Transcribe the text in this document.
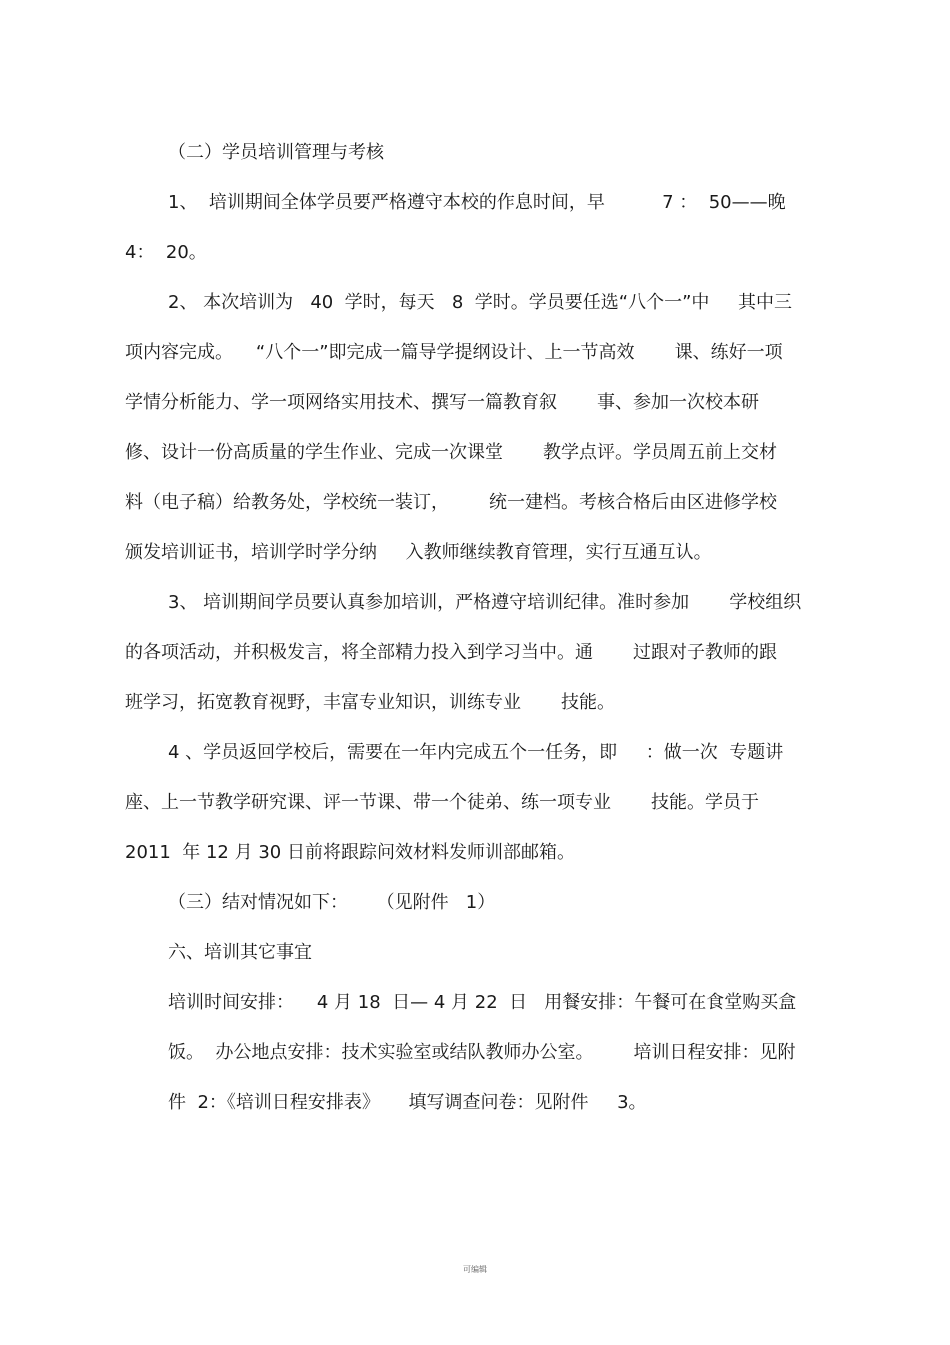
（二）学员培训管理与考核
1、  培训期间全体学员要严格遵守本校的作息时间，早          7 ：  50——晚
4：  20。
2、 本次培训为   40  学时，每天   8  学时。学员要任选“八个一”中     其中三
项内容完成。    “八个一”即完成一篇导学提纲设计、上一节高效       课、练好一项
学情分析能力、学一项网络实用技术、撰写一篇教育叙       事、参加一次校本研
修、设计一份高质量的学生作业、完成一次课堂       教学点评。学员周五前上交材
料（电子稿）给教务处，学校统一装订，       统一建档。考核合格后由区进修学校
颁发培训证书，培训学时学分纳     入教师继续教育管理，实行互通互认。
3、 培训期间学员要认真参加培训，严格遵守培训纪律。准时参加       学校组织
的各项活动，并积极发言，将全部精力投入到学习当中。通       过跟对子教师的跟
班学习，拓宽教育视野，丰富专业知识，训练专业       技能。
4 、学员返回学校后，需要在一年内完成五个一任务，即     ：做一次  专题讲
座、上一节教学研究课、评一节课、带一个徒弟、练一项专业       技能。学员于
2011  年 12 月 30 日前将跟踪问效材料发师训部邮箱。
（三）结对情况如下：     （见附件   1）
六、培训其它事宜
培训时间安排：    4 月 18  日— 4 月 22  日   用餐安排：午餐可在食堂购买盒
饭。  办公地点安排：技术实验室或结队教师办公室。       培训日程安排：见附
件  2：《培训日程安排表》     填写调查问卷：见附件     3。
可编辑
